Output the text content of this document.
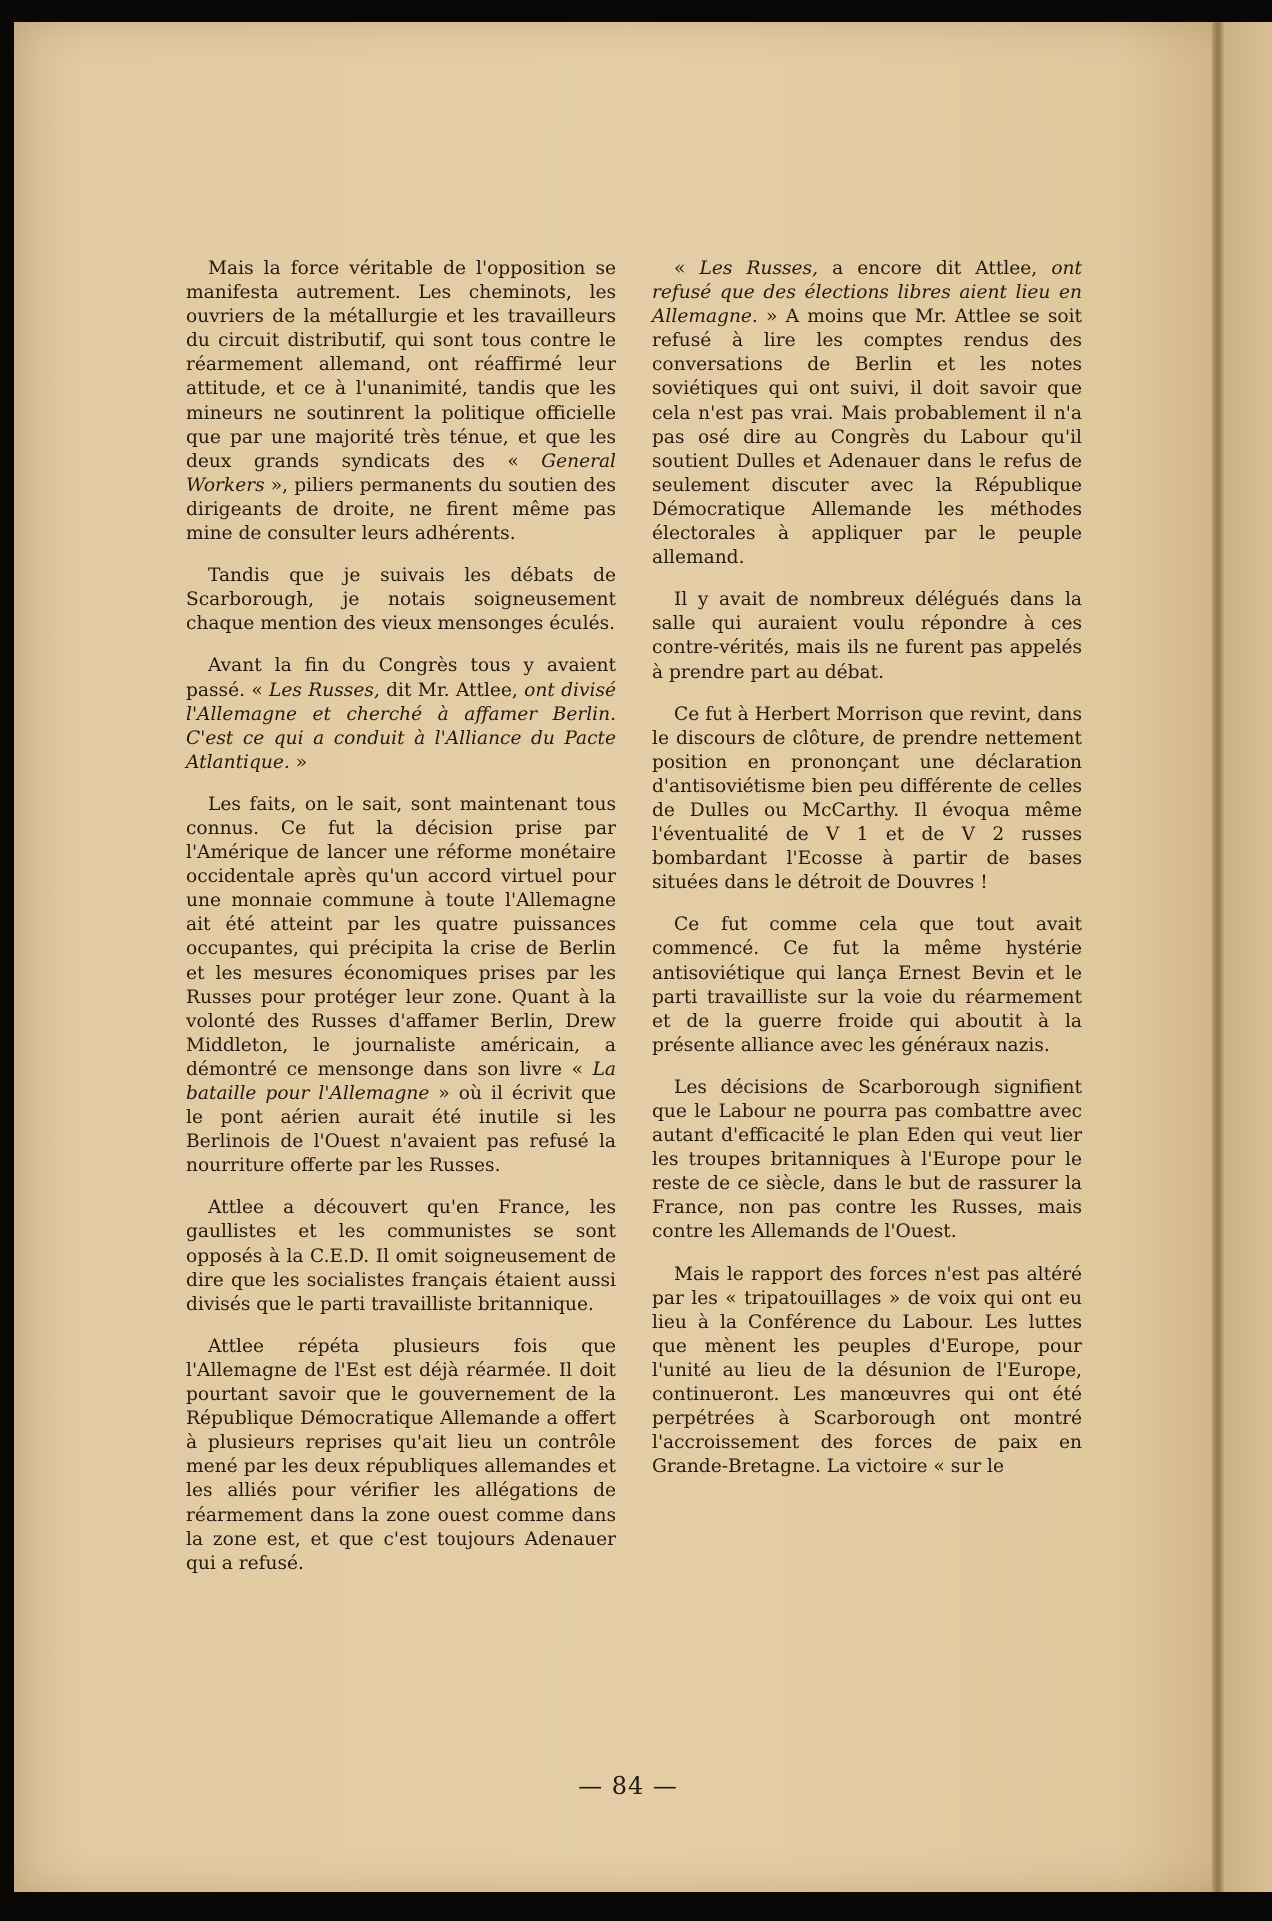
Mais la force véritable de l'opposition se manifesta autrement. Les cheminots, les ouvriers de la métallurgie et les travailleurs du circuit distributif, qui sont tous contre le réarmement allemand, ont réaffirmé leur attitude, et ce à l'unanimité, tandis que les mineurs ne soutinrent la politique officielle que par une majorité très ténue, et que les deux grands syndicats des « General Workers », piliers permanents du soutien des dirigeants de droite, ne firent même pas mine de consulter leurs adhérents.

Tandis que je suivais les débats de Scarborough, je notais soigneusement chaque mention des vieux mensonges éculés.

Avant la fin du Congrès tous y avaient passé. « Les Russes, dit Mr. Attlee, ont divisé l'Allemagne et cherché à affamer Berlin. C'est ce qui a conduit à l'Alliance du Pacte Atlantique. »

Les faits, on le sait, sont maintenant tous connus. Ce fut la décision prise par l'Amérique de lancer une réforme monétaire occidentale après qu'un accord virtuel pour une monnaie commune à toute l'Allemagne ait été atteint par les quatre puissances occupantes, qui précipita la crise de Berlin et les mesures économiques prises par les Russes pour protéger leur zone. Quant à la volonté des Russes d'affamer Berlin, Drew Middleton, le journaliste américain, a démontré ce mensonge dans son livre « La bataille pour l'Allemagne » où il écrivit que le pont aérien aurait été inutile si les Berlinois de l'Ouest n'avaient pas refusé la nourriture offerte par les Russes.

Attlee a découvert qu'en France, les gaullistes et les communistes se sont opposés à la C.E.D. Il omit soigneusement de dire que les socialistes français étaient aussi divisés que le parti travailliste britannique.

Attlee répéta plusieurs fois que l'Allemagne de l'Est est déjà réarmée. Il doit pourtant savoir que le gouvernement de la République Démocratique Allemande a offert à plusieurs reprises qu'ait lieu un contrôle mené par les deux républiques allemandes et les alliés pour vérifier les allégations de réarmement dans la zone ouest comme dans la zone est, et que c'est toujours Adenauer qui a refusé.

« Les Russes, a encore dit Attlee, ont refusé que des élections libres aient lieu en Allemagne. » A moins que Mr. Attlee se soit refusé à lire les comptes rendus des conversations de Berlin et les notes soviétiques qui ont suivi, il doit savoir que cela n'est pas vrai. Mais probablement il n'a pas osé dire au Congrès du Labour qu'il soutient Dulles et Adenauer dans le refus de seulement discuter avec la République Démocratique Allemande les méthodes électorales à appliquer par le peuple allemand.

Il y avait de nombreux délégués dans la salle qui auraient voulu répondre à ces contre-vérités, mais ils ne furent pas appelés à prendre part au débat.

Ce fut à Herbert Morrison que revint, dans le discours de clôture, de prendre nettement position en prononçant une déclaration d'antisoviétisme bien peu différente de celles de Dulles ou McCarthy. Il évoqua même l'éventualité de V 1 et de V 2 russes bombardant l'Ecosse à partir de bases situées dans le détroit de Douvres !

Ce fut comme cela que tout avait commencé. Ce fut la même hystérie antisoviétique qui lança Ernest Bevin et le parti travailliste sur la voie du réarmement et de la guerre froide qui aboutit à la présente alliance avec les généraux nazis.

Les décisions de Scarborough signifient que le Labour ne pourra pas combattre avec autant d'efficacité le plan Eden qui veut lier les troupes britanniques à l'Europe pour le reste de ce siècle, dans le but de rassurer la France, non pas contre les Russes, mais contre les Allemands de l'Ouest.

Mais le rapport des forces n'est pas altéré par les « tripatouillages » de voix qui ont eu lieu à la Conférence du Labour. Les luttes que mènent les peuples d'Europe, pour l'unité au lieu de la désunion de l'Europe, continueront. Les manœuvres qui ont été perpétrées à Scarborough ont montré l'accroissement des forces de paix en Grande-Bretagne. La victoire « sur le

— 84 —
